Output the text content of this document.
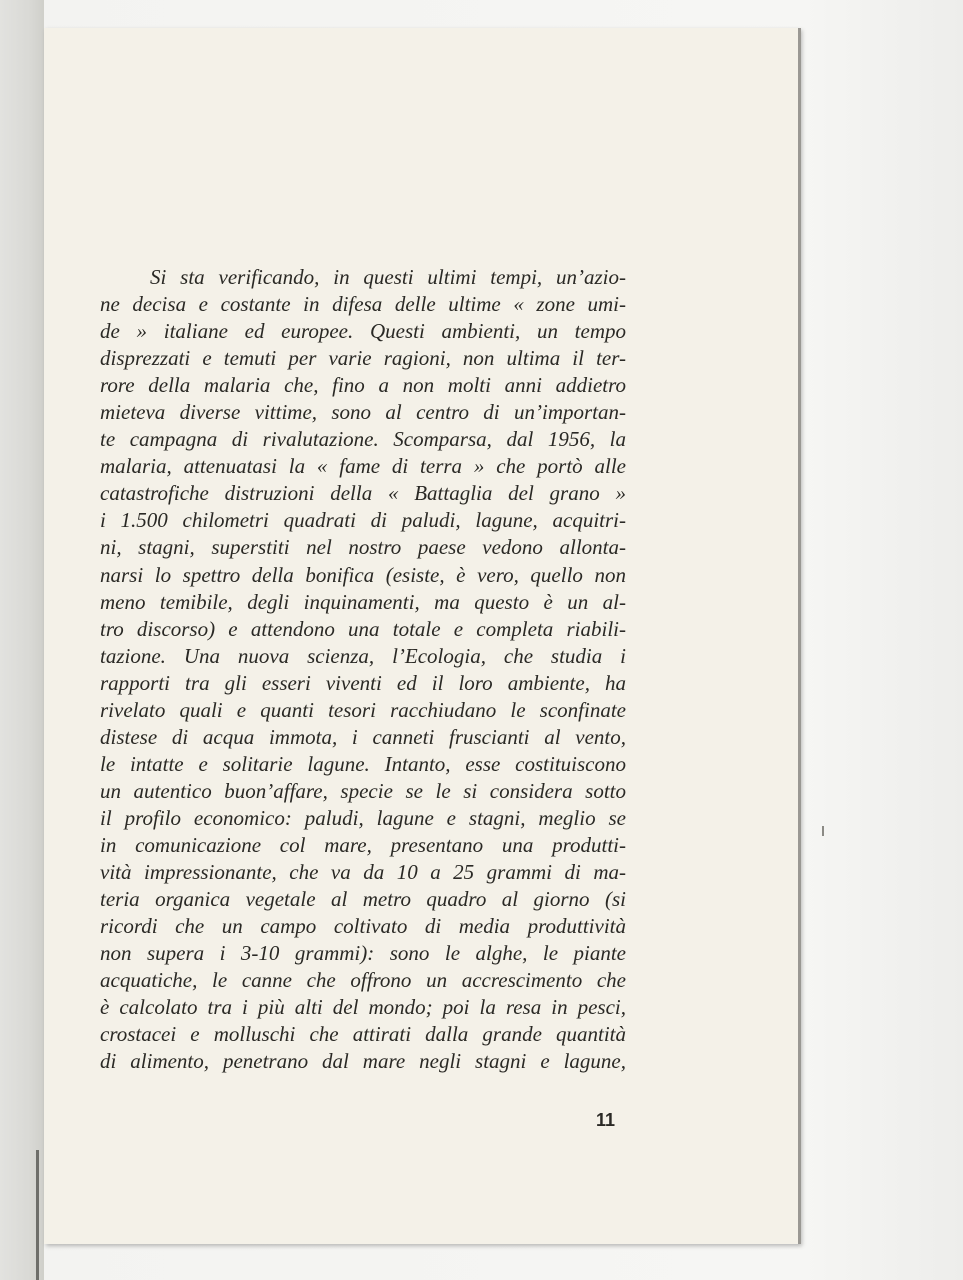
Si sta verificando, in questi ultimi tempi, un’azio-
ne decisa e costante in difesa delle ultime « zone umi-
de » italiane ed europee. Questi ambienti, un tempo
disprezzati e temuti per varie ragioni, non ultima il ter-
rore della malaria che, fino a non molti anni addietro
mieteva diverse vittime, sono al centro di un’importan-
te campagna di rivalutazione. Scomparsa, dal 1956, la
malaria, attenuatasi la « fame di terra » che portò alle
catastrofiche distruzioni della « Battaglia del grano »
i 1.500 chilometri quadrati di paludi, lagune, acquitri-
ni, stagni, superstiti nel nostro paese vedono allonta-
narsi lo spettro della bonifica (esiste, è vero, quello non
meno temibile, degli inquinamenti, ma questo è un al-
tro discorso) e attendono una totale e completa riabili-
tazione. Una nuova scienza, l’Ecologia, che studia i
rapporti tra gli esseri viventi ed il loro ambiente, ha
rivelato quali e quanti tesori racchiudano le sconfinate
distese di acqua immota, i canneti fruscianti al vento,
le intatte e solitarie lagune. Intanto, esse costituiscono
un autentico buon’affare, specie se le si considera sotto
il profilo economico: paludi, lagune e stagni, meglio se
in comunicazione col mare, presentano una produtti-
vità impressionante, che va da 10 a 25 grammi di ma-
teria organica vegetale al metro quadro al giorno (si
ricordi che un campo coltivato di media produttività
non supera i 3-10 grammi): sono le alghe, le piante
acquatiche, le canne che offrono un accrescimento che
è calcolato tra i più alti del mondo; poi la resa in pesci,
crostacei e molluschi che attirati dalla grande quantità
di alimento, penetrano dal mare negli stagni e lagune,
11
